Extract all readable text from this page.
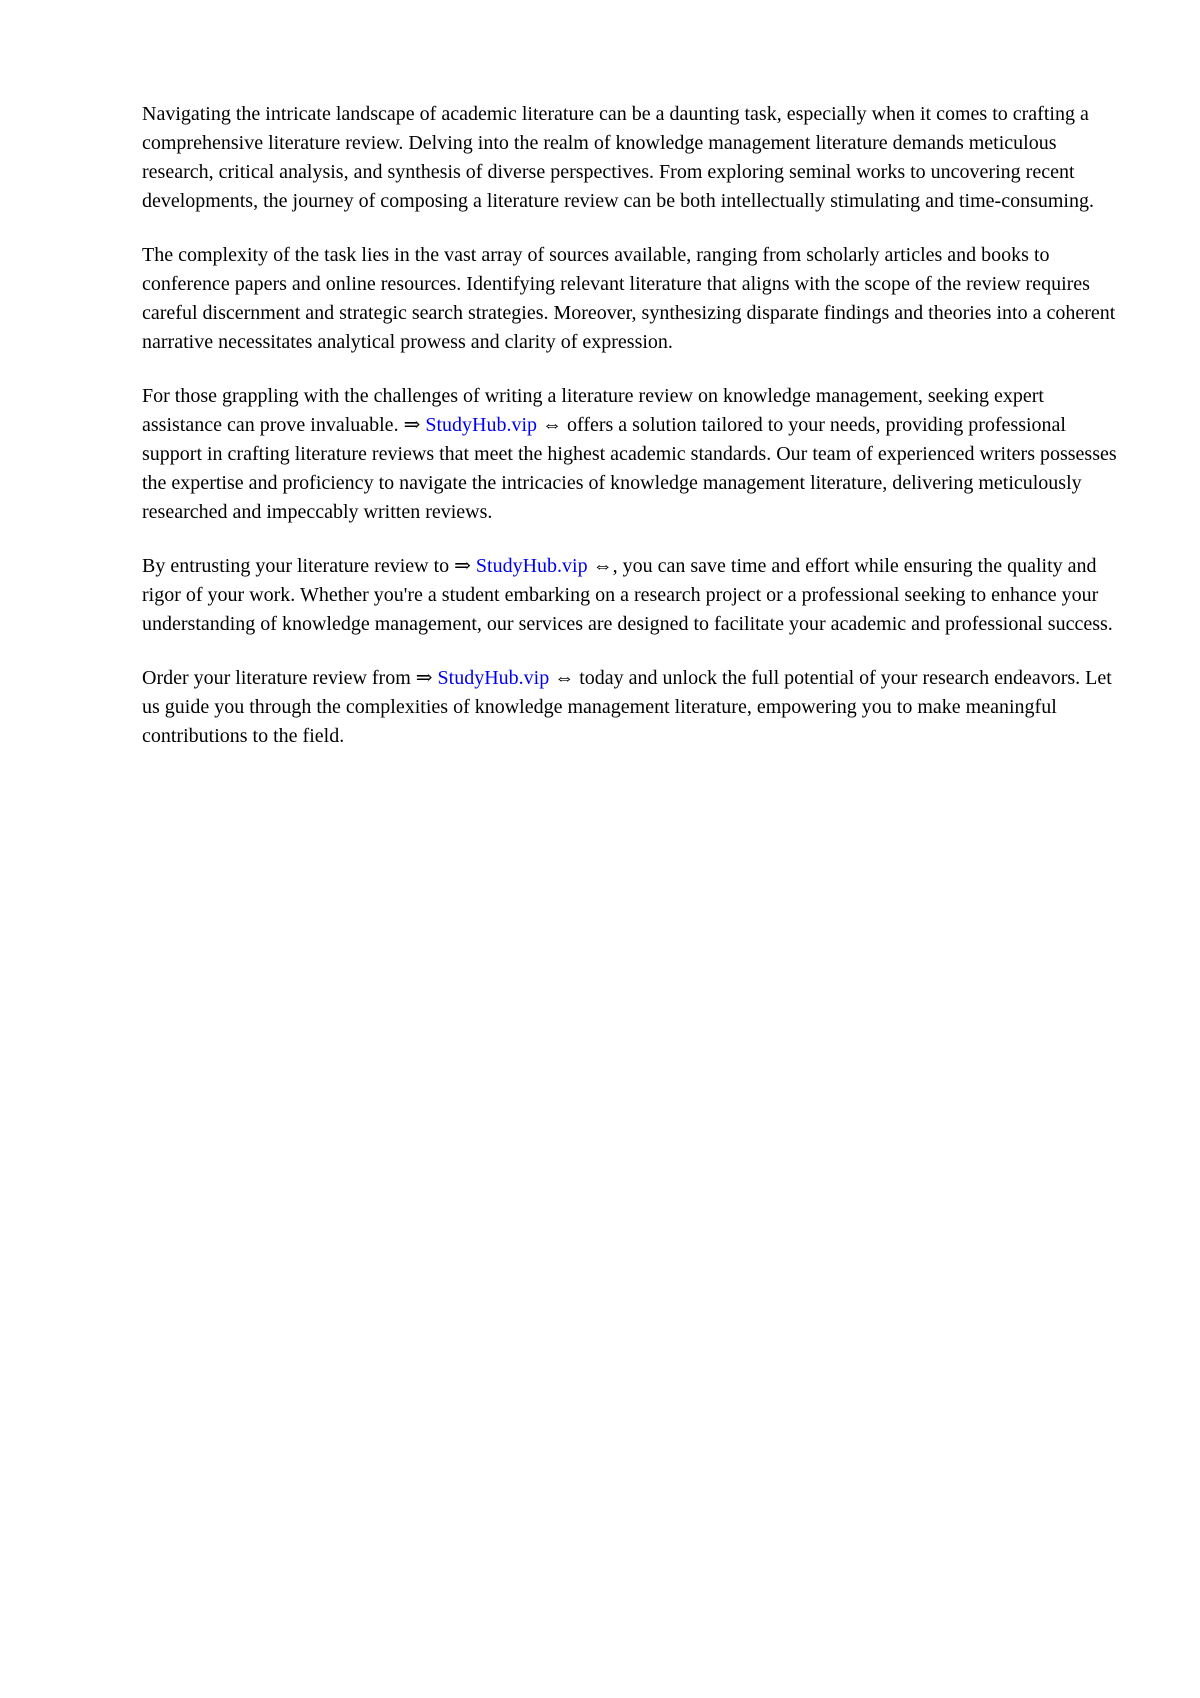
Navigating the intricate landscape of academic literature can be a daunting task, especially when it comes to crafting a comprehensive literature review. Delving into the realm of knowledge management literature demands meticulous research, critical analysis, and synthesis of diverse perspectives. From exploring seminal works to uncovering recent developments, the journey of composing a literature review can be both intellectually stimulating and time-consuming.

The complexity of the task lies in the vast array of sources available, ranging from scholarly articles and books to conference papers and online resources. Identifying relevant literature that aligns with the scope of the review requires careful discernment and strategic search strategies. Moreover, synthesizing disparate findings and theories into a coherent narrative necessitates analytical prowess and clarity of expression.

For those grappling with the challenges of writing a literature review on knowledge management, seeking expert assistance can prove invaluable. ⇒ StudyHub.vip ⇔ offers a solution tailored to your needs, providing professional support in crafting literature reviews that meet the highest academic standards. Our team of experienced writers possesses the expertise and proficiency to navigate the intricacies of knowledge management literature, delivering meticulously researched and impeccably written reviews.

By entrusting your literature review to ⇒ StudyHub.vip ⇔, you can save time and effort while ensuring the quality and rigor of your work. Whether you're a student embarking on a research project or a professional seeking to enhance your understanding of knowledge management, our services are designed to facilitate your academic and professional success.

Order your literature review from ⇒ StudyHub.vip ⇔ today and unlock the full potential of your research endeavors. Let us guide you through the complexities of knowledge management literature, empowering you to make meaningful contributions to the field.
